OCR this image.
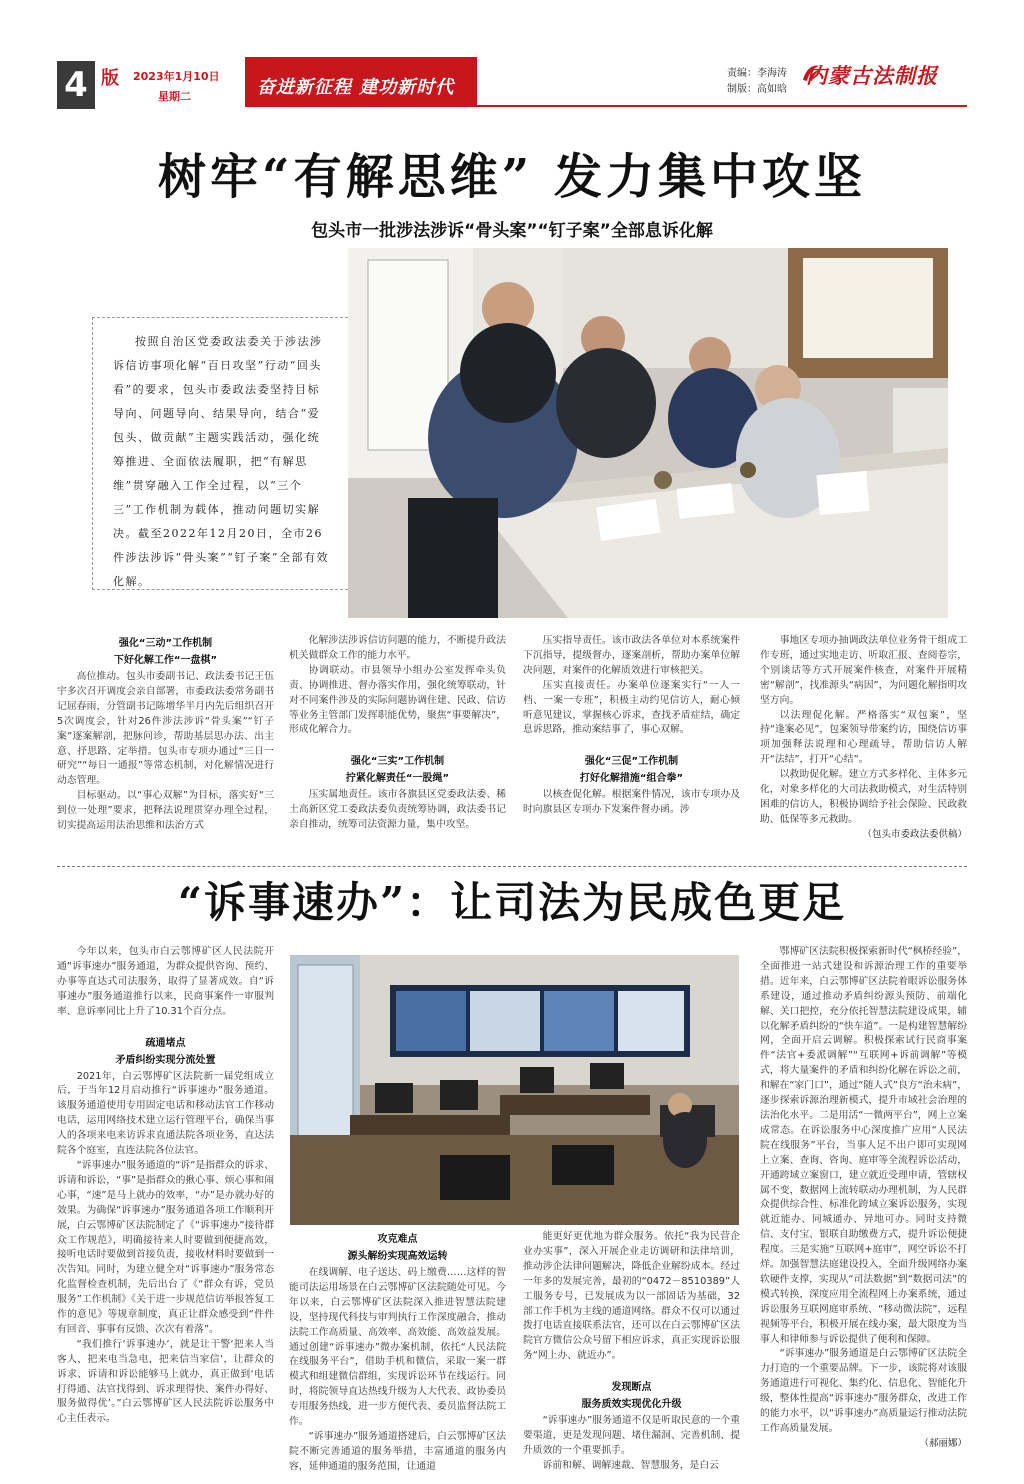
4 版 2023年1月10日
星期二	奋进新征程 建功新时代
责编：李海涛
制版：高如晗
内蒙古法制报
树牢“有解思维” 发力集中攻坚
包头市一批涉法涉诉“骨头案”“钉子案”全部息诉化解

按照自治区党委政法委关于涉法涉诉信访事项化解“百日攻坚”行动“回头看”的要求，包头市委政法委坚持目标导向、问题导向、结果导向，结合“爱包头、做贡献”主题实践活动，强化统筹推进、全面依法履职，把“有解思维”贯穿融入工作全过程，以“三个三”工作机制为载体，推动问题切实解决。截至2022年12月20日，全市26件涉法涉诉“骨头案”“钉子案”全部有效化解。

强化“三动”工作机制
下好化解工作“一盘棋”

高位推动。包头市委副书记、政法委书记王伍宇多次召开调度会亲自部署，市委政法委常务副书记屈春雨，分管副书记陈增华半月内先后组织召开5次调度会，针对26件涉法涉诉“骨头案”“钉子案”逐案解剖，把脉问诊，帮助基层思办法、出主意、抒思路、定举措。包头市专项办通过“三日一研究”“每日一通报”等常态机制，对化解情况进行动态管理。

目标驱动。以“事心双解”为目标，落实好“三到位一处理”要求，把释法说理贯穿办理全过程，切实提高运用法治思维和法治方式

化解涉法涉诉信访问题的能力，不断提升政法机关做群众工作的能力水平。

协调联动。市县领导小组办公室发挥牵头负责、协调推进、督办落实作用，强化统筹联动，针对不同案件涉及的实际问题协调住建、民政、信访等业务主管部门发挥职能优势，聚焦“事要解决”，形成化解合力。

强化“三实”工作机制
拧紧化解责任“一股绳”

压实属地责任。该市各旗县区党委政法委、稀土高新区党工委政法委负责统筹协调，政法委书记亲自推动，统筹司法资源力量，集中攻坚。

压实指导责任。该市政法各单位对本系统案件下沉指导，提级督办，逐案剖析，帮助办案单位解决问题，对案件的化解质效进行审核把关。

压实直接责任。办案单位逐案实行“一人一档、一案一专班”，积极主动约见信访人，耐心倾听意见建议，掌握核心诉求，查找矛盾症结，确定息诉思路，推动案结事了，事心双解。

强化“三促”工作机制
打好化解措施“组合拳”

以核查促化解。根据案件情况，该市专项办及时向旗县区专项办下发案件督办函。涉

事地区专项办抽调政法单位业务骨干组成工作专班，通过实地走访、听取汇报、查阅卷宗，个别谈话等方式开展案件核查，对案件开展精密“解剖”，找准源头“病因”，为问题化解指明攻坚方向。

以法理促化解。严格落实“双包案”，坚持“逢案必见”，包案领导带案约访，围绕信访事项加强释法说理和心理疏导，帮助信访人解开“法结”，打开“心结”。

以救助促化解。建立方式多样化、主体多元化，对象多样化的大司法救助模式，对生活特别困难的信访人，积极协调给予社会保险、民政救助、低保等多元救助。

（包头市委政法委供稿）
“诉事速办”：让司法为民成色更足

今年以来，包头市白云鄂博矿区人民法院开通“诉事速办”服务通道，为群众提供咨询、预约、办事等直达式司法服务，取得了显著成效。自“诉事速办”服务通道推行以来，民商事案件一审服判率、息诉率同比上升了10.31个百分点。

疏通堵点
矛盾纠纷实现分流处置

2021年，白云鄂博矿区法院新一届党组成立后，于当年12月启动推行“诉事速办”服务通道。该服务通道使用专用固定电话和移动法官工作移动电话，运用网络技术建立运行管理平台，确保当事人的各项来电来访诉求直通法院各项业务，直达法院各个庭室，直连法院各位法官。

“诉事速办”服务通道的“诉”是指群众的诉求、诉请和诉讼，“事”是指群众的揪心事、烦心事和闹心事，“速”是马上就办的效率，“办”是办就办好的效果。为确保“诉事速办”服务通道各项工作顺利开展，白云鄂博矿区法院制定了《“诉事速办”接待群众工作规范》，明确接待来人时要做到便捷高效，接听电话时要做到首接负责，接收材料时要做到一次告知。同时，为建立健全对“诉事速办”服务常态化监督检查机制，先后出台了《“群众有诉，党员服务”工作机制》《关于进一步规范信访举报答复工作的意见》等规章制度，真正让群众感受到“件件有回音、事事有反馈、次次有着落”。

“我们推行‘诉事速办’，就是让干警‘把来人当客人，把来电当急电，把来信当家信’，让群众的诉求、诉请和诉讼能够马上就办，真正做到‘电话打得通、法官找得到、诉求理得快、案件办得好、服务做得优’。”白云鄂博矿区人民法院诉讼服务中心主任表示。

攻克难点
源头解纷实现高效运转

在线调解、电子送达、码上缴费……这样的智能司法运用场景在白云鄂博矿区法院随处可见。今年以来，白云鄂博矿区法院深入推进智慧法院建设，坚持现代科技与审判执行工作深度融合，推动法院工作高质量、高效率、高效能、高效益发展。通过创建“诉事速办”微办案机制，依托“人民法院在线服务平台”，借助手机和微信，采取一案一群模式和组建微信群组，实现诉讼环节在线运行。同时，将院领导直达热线升级为人大代表、政协委员专用服务热线，进一步方便代表、委员监督法院工作。

“诉事速办”服务通道搭建后，白云鄂博矿区法院不断完善通道的服务举措，丰富通道的服务内容，延伸通道的服务范围，让通道

能更好更优地为群众服务。依托“我为民营企业办实事”，深入开展企业走访调研和法律培训，推动涉企法律问题解决，降低企业解纷成本。经过一年多的发展完善，最初的“0472－8510389”人工服务专号，已发展成为以一部固话为基础，32部工作手机为主线的通道网络。群众不仅可以通过拨打电话直接联系法官，还可以在白云鄂博矿区法院官方微信公众号留下相应诉求，真正实现诉讼服务“网上办、就近办”。

发现断点
服务质效实现优化升级

“诉事速办”服务通道不仅是听取民意的一个重要渠道，更是发现问题、堵住漏洞、完善机制、提升质效的一个重要抓手。

诉前和解、调解速裁、智慧服务，是白云

鄂博矿区法院积极探索新时代“枫桥经验”，全面推进一站式建设和诉源治理工作的重要举措。近年来，白云鄂博矿区法院着眼诉讼服务体系建设，通过推动矛盾纠纷源头预防、前端化解、关口把控，充分依托智慧法院建设成果，辅以化解矛盾纠纷的“快车道”。一是构建智慧解纷网，全面开启云调解。积极探索试行民商事案件“法官+委派调解”“互联网+诉前调解”等模式，将大量案件的矛盾和纠纷化解在诉讼之前，和解在“家门口”，通过“随人式”良方“治未病”，逐步探索诉源治理新模式，提升市域社会治理的法治化水平。二是用活“一微两平台”，网上立案成常态。在诉讼服务中心深度推广应用“人民法院在线服务”平台，当事人足不出户即可实现网上立案、查询、咨询、庭审等全流程诉讼活动，开通跨域立案窗口，建立就近受理申请，管辖权属不变，数据网上流转联动办理机制，为人民群众提供综合性、标准化跨域立案诉讼服务，实现就近能办、同城通办、异地可办。同时支持微信、支付宝、银联自助缴费方式，提升诉讼便捷程度。三是实施“互联网+庭审”，网空诉讼不打烊。加强智慧法庭建设投入，全面升级网络办案软硬件支撑，实现从“司法数据”到“数据司法”的模式转换，深度应用全流程网上办案系统，通过诉讼服务互联网庭审系统、“移动微法院”，远程视频等平台，积极开展在线办案，最大限度为当事人和律师参与诉讼提供了便利和保障。

“诉事速办”服务通道是白云鄂博矿区法院全力打造的一个重要品牌。下一步，该院将对该服务通道进行可视化、集约化、信息化、智能化升级，整体性提高“诉事速办”服务群众，改进工作的能力水平，以“诉事速办”高质量运行推动法院工作高质量发展。

（郝丽娜）
